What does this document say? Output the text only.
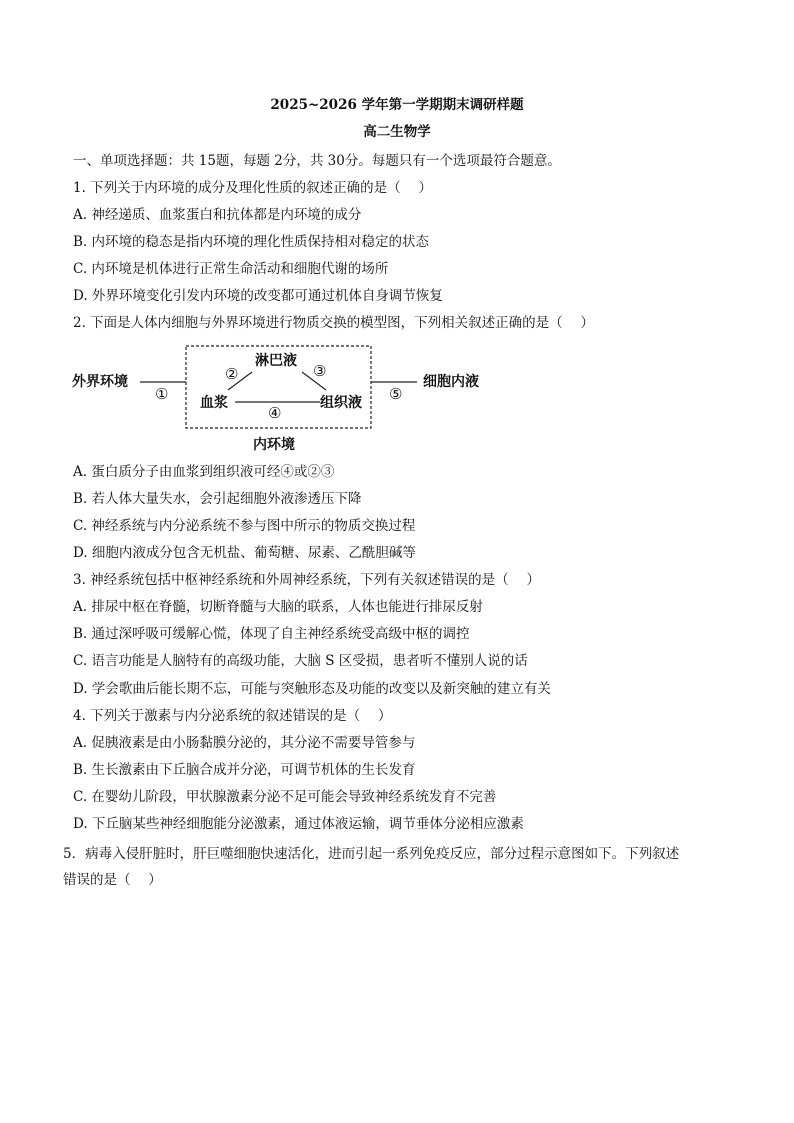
2025~2026 学年第一学期期末调研样题
高二生物学
一、单项选择题：共 15题，每题 2分，共 30分。每题只有一个选项最符合题意。
1. 下列关于内环境的成分及理化性质的叙述正确的是（　 ）
A. 神经递质、血浆蛋白和抗体都是内环境的成分
B. 内环境的稳态是指内环境的理化性质保持相对稳定的状态
C. 内环境是机体进行正常生命活动和细胞代谢的场所
D. 外界环境变化引发内环境的改变都可通过机体自身调节恢复
2. 下面是人体内细胞与外界环境进行物质交换的模型图，下列相关叙述正确的是（　 ）
外界环境
①
淋巴液
②	③
血浆
④
组织液 ⑤
细胞内液
内环境
A. 蛋白质分子由血浆到组织液可经④或②③
B. 若人体大量失水，会引起细胞外液渗透压下降
C. 神经系统与内分泌系统不参与图中所示的物质交换过程
D. 细胞内液成分包含无机盐、葡萄糖、尿素、乙酰胆碱等
3. 神经系统包括中枢神经系统和外周神经系统，下列有关叙述错误的是（　 ）
A. 排尿中枢在脊髓，切断脊髓与大脑的联系，人体也能进行排尿反射
B. 通过深呼吸可缓解心慌，体现了自主神经系统受高级中枢的调控
C. 语言功能是人脑特有的高级功能，大脑 S 区受损，患者听不懂别人说的话
D. 学会歌曲后能长期不忘，可能与突触形态及功能的改变以及新突触的建立有关
4. 下列关于激素与内分泌系统的叙述错误的是（　 ）
A. 促胰液素是由小肠黏膜分泌的，其分泌不需要导管参与
B. 生长激素由下丘脑合成并分泌，可调节机体的生长发育
C. 在婴幼儿阶段，甲状腺激素分泌不足可能会导致神经系统发育不完善
D. 下丘脑某些神经细胞能分泌激素，通过体液运输，调节垂体分泌相应激素
5．病毒入侵肝脏时，肝巨噬细胞快速活化，进而引起一系列免疫反应，部分过程示意图如下。下列叙述
错误的是（　 ）
